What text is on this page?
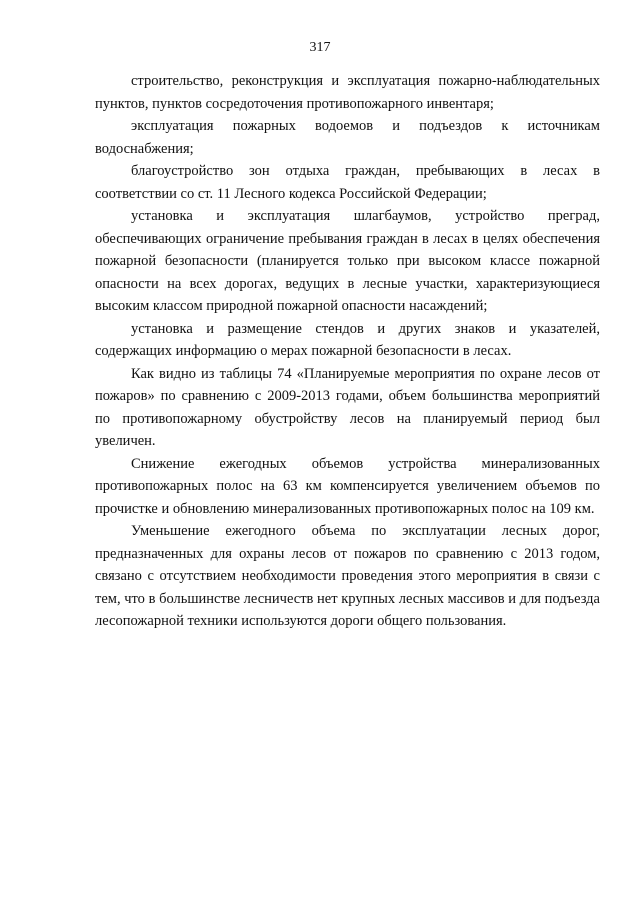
317

строительство, реконструкция и эксплуатация пожарно-наблюдательных пунктов, пунктов сосредоточения противопожарного инвентаря;

эксплуатация пожарных водоемов и подъездов к источникам водоснабжения;

благоустройство зон отдыха граждан, пребывающих в лесах в соответствии со ст. 11 Лесного кодекса Российской Федерации;

установка и эксплуатация шлагбаумов, устройство преград, обеспечивающих ограничение пребывания граждан в лесах в целях обеспечения пожарной безопасности (планируется только при высоком классе пожарной опасности на всех дорогах, ведущих в лесные участки, характеризующиеся высоким классом природной пожарной опасности насаждений;

установка и размещение стендов и других знаков и указателей, содержащих информацию о мерах пожарной безопасности в лесах.

Как видно из таблицы 74 «Планируемые мероприятия по охране лесов от пожаров» по сравнению с 2009-2013 годами, объем большинства мероприятий по противопожарному обустройству лесов на планируемый период был увеличен.

Снижение ежегодных объемов устройства минерализованных противопожарных полос на 63 км компенсируется увеличением объемов по прочистке и обновлению минерализованных противопожарных полос на 109 км.

Уменьшение ежегодного объема по эксплуатации лесных дорог, предназначенных для охраны лесов от пожаров по сравнению с 2013 годом, связано с отсутствием необходимости проведения этого мероприятия в связи с тем, что в большинстве лесничеств нет крупных лесных массивов и для подъезда лесопожарной техники используются дороги общего пользования.
